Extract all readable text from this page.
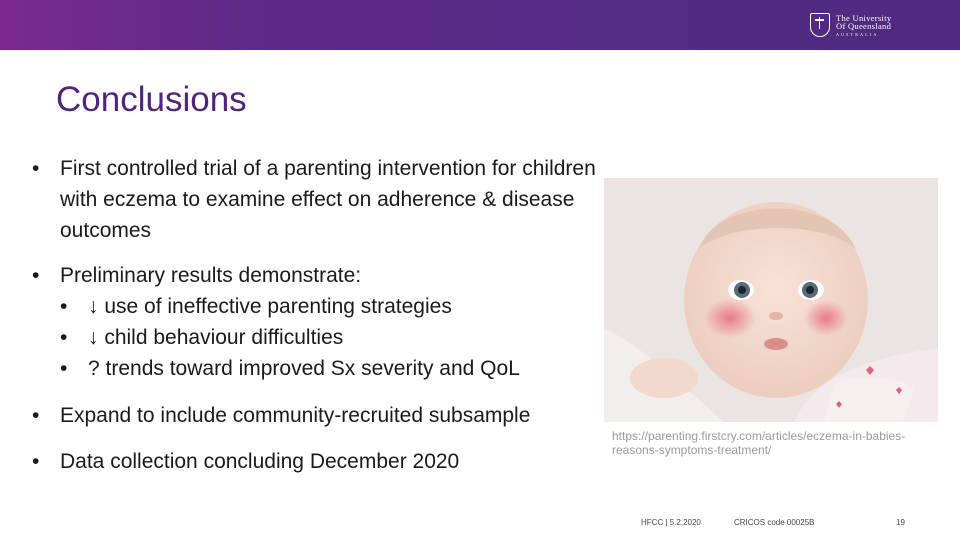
The University
Of Queensland
AUSTRALIA
Conclusions
• First controlled trial of a parenting intervention for children with eczema to examine effect on adherence & disease outcomes
• Preliminary results demonstrate:
• ↓ use of ineffective parenting strategies
• ↓ child behaviour difficulties
• ? trends toward improved Sx severity and QoL
• Expand to include community-recruited subsample
• Data collection concluding December 2020
https://parenting.firstcry.com/articles/eczema-in-babies-reasons-symptoms-treatment/
HFCC | 5.2.2020	CRICOS code 00025B	19
